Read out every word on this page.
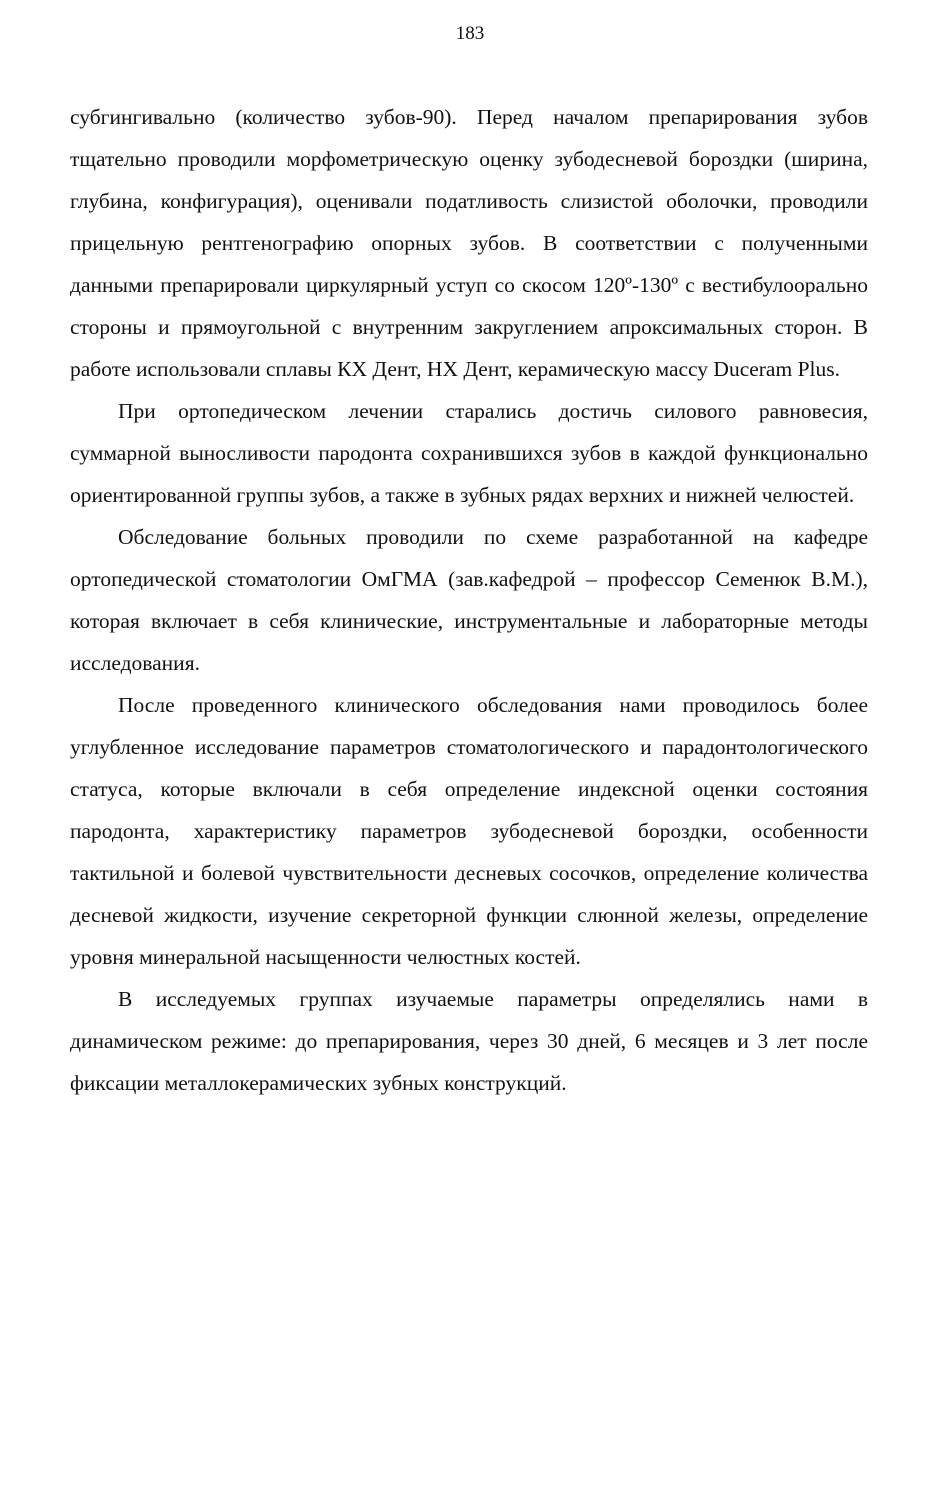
183

субгингивально (количество зубов-90). Перед началом препарирования зубов тщательно проводили морфометрическую оценку зубодесневой бороздки (ширина, глубина, конфигурация), оценивали податливость слизистой оболочки, проводили прицельную рентгенографию опорных зубов. В соответствии с полученными данными препарировали циркулярный уступ со скосом 120º-130º с вестибулоорально стороны и прямоугольной с внутренним закруглением апроксимальных сторон. В работе использовали сплавы КХ Дент, НХ Дент, керамическую массу Duceram Plus.

При ортопедическом лечении старались достичь силового равновесия, суммарной выносливости пародонта сохранившихся зубов в каждой функционально ориентированной группы зубов, а также в зубных рядах верхних и нижней челюстей.

Обследование больных проводили по схеме разработанной на кафедре ортопедической стоматологии ОмГМА (зав.кафедрой – профессор Семенюк В.М.), которая включает в себя клинические, инструментальные и лабораторные методы исследования.

После проведенного клинического обследования нами проводилось более углубленное исследование параметров стоматологического и парадонтологического статуса, которые включали в себя определение индексной оценки состояния пародонта, характеристику параметров зубодесневой бороздки, особенности тактильной и болевой чувствительности десневых сосочков, определение количества десневой жидкости, изучение секреторной функции слюнной железы, определение уровня минеральной насыщенности челюстных костей.

В исследуемых группах изучаемые параметры определялись нами в динамическом режиме: до препарирования, через 30 дней, 6 месяцев и 3 лет после фиксации металлокерамических зубных конструкций.
